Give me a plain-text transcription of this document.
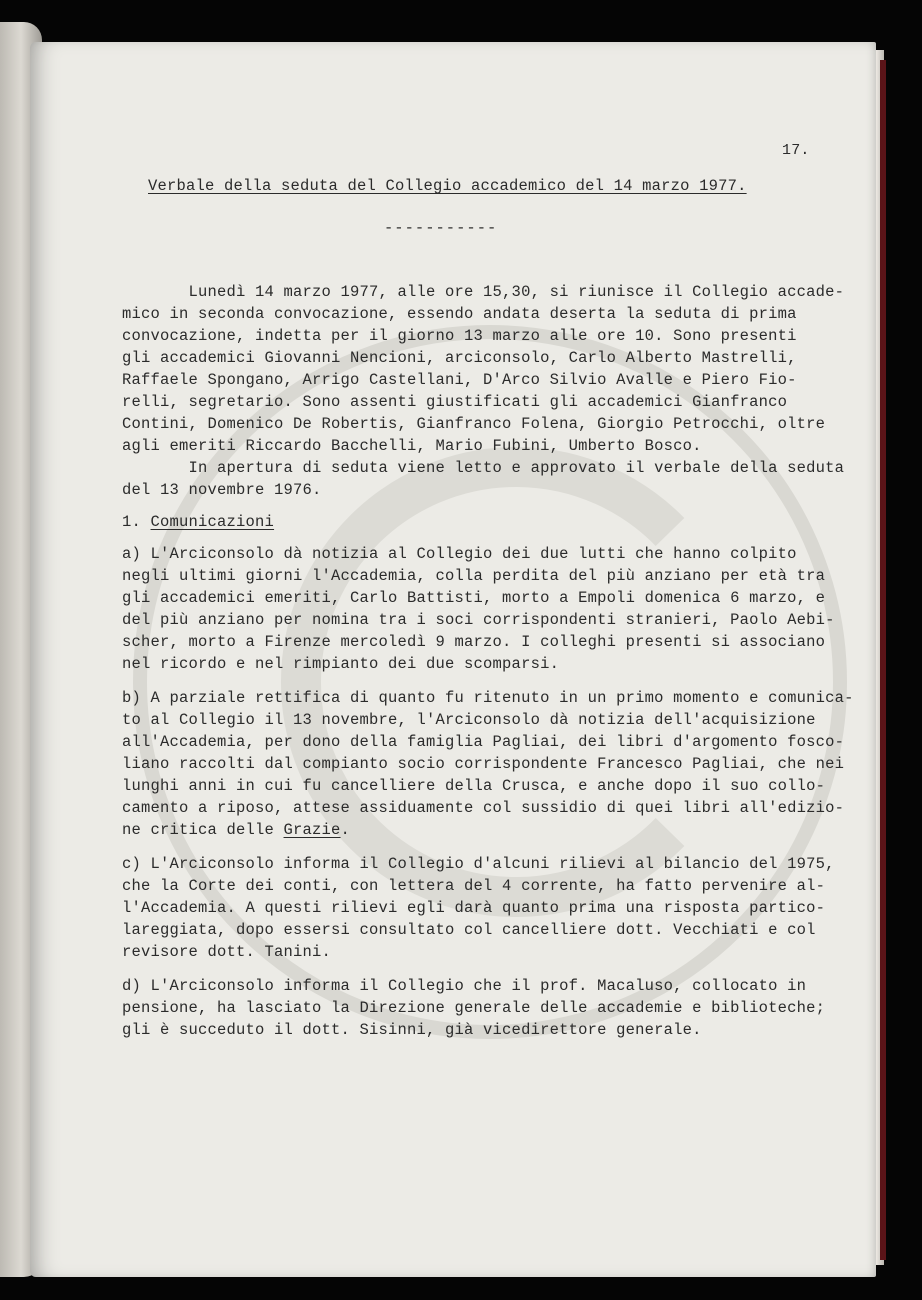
17.
Verbale della seduta del Collegio accademico del 14 marzo 1977.
-----------
Lunedì 14 marzo 1977, alle ore 15,30, si riunisce il Collegio accade-
mico in seconda convocazione, essendo andata deserta la seduta di prima
convocazione, indetta per il giorno 13 marzo alle ore 10. Sono presenti
gli accademici Giovanni Nencioni, arciconsolo, Carlo Alberto Mastrelli,
Raffaele Spongano, Arrigo Castellani, D'Arco Silvio Avalle e Piero Fio-
relli, segretario. Sono assenti giustificati gli accademici Gianfranco
Contini, Domenico De Robertis, Gianfranco Folena, Giorgio Petrocchi, oltre
agli emeriti Riccardo Bacchelli, Mario Fubini, Umberto Bosco.
In apertura di seduta viene letto e approvato il verbale della seduta
del 13 novembre 1976.
1. Comunicazioni
a) L'Arciconsolo dà notizia al Collegio dei due lutti che hanno colpito
negli ultimi giorni l'Accademia, colla perdita del più anziano per età tra
gli accademici emeriti, Carlo Battisti, morto a Empoli domenica 6 marzo, e
del più anziano per nomina tra i soci corrispondenti stranieri, Paolo Aebi-
scher, morto a Firenze mercoledì 9 marzo. I colleghi presenti si associano
nel ricordo e nel rimpianto dei due scomparsi.
b) A parziale rettifica di quanto fu ritenuto in un primo momento e comunica-
to al Collegio il 13 novembre, l'Arciconsolo dà notizia dell'acquisizione
all'Accademia, per dono della famiglia Pagliai, dei libri d'argomento fosco-
liano raccolti dal compianto socio corrispondente Francesco Pagliai, che nei
lunghi anni in cui fu cancelliere della Crusca, e anche dopo il suo collo-
camento a riposo, attese assiduamente col sussidio di quei libri all'edizio-
ne critica delle Grazie.
c) L'Arciconsolo informa il Collegio d'alcuni rilievi al bilancio del 1975,
che la Corte dei conti, con lettera del 4 corrente, ha fatto pervenire al-
l'Accademia. A questi rilievi egli darà quanto prima una risposta partico-
lareggiata, dopo essersi consultato col cancelliere dott. Vecchiati e col
revisore dott. Tanini.
d) L'Arciconsolo informa il Collegio che il prof. Macaluso, collocato in
pensione, ha lasciato la Direzione generale delle accademie e biblioteche;
gli è succeduto il dott. Sisinni, già vicedirettore generale.
